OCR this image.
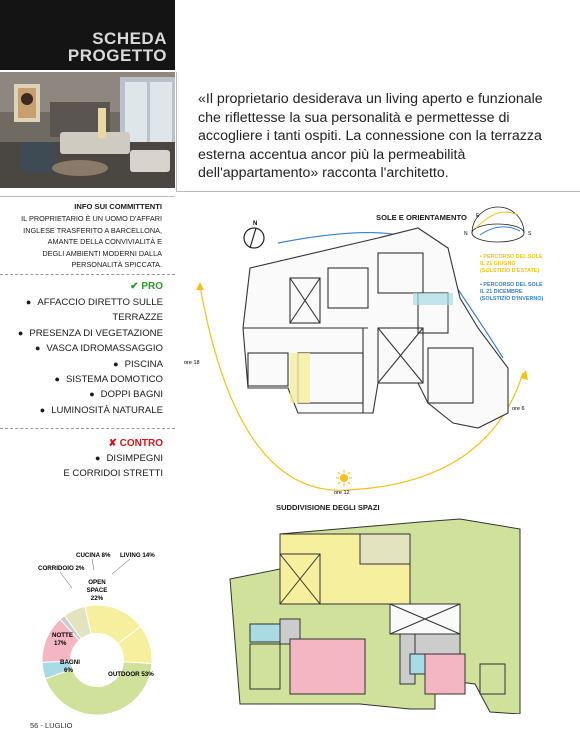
SCHEDA
PROGETTO
«Il proprietario desiderava un living aperto e funzionale che riflettesse la sua personalità e permettesse di accogliere i tanti ospiti. La connessione con la terrazza esterna accentua ancor più la permeabilità dell'appartamento» racconta l'architetto.
INFO SUI COMMITTENTI
IL PROPRIETARIO È UN UOMO D'AFFARI
INGLESE TRASFERITO A BARCELLONA,
AMANTE DELLA CONVIVIALITÀ E
DEGLI AMBIENTI MODERNI DALLA
PERSONALITÀ SPICCATA.
✔ PRO
● AFFACCIO DIRETTO SULLE
TERRAZZE
● PRESENZA DI VEGETAZIONE
● VASCA IDROMASSAGGIO
● PISCINA
● SISTEMA DOMOTICO
● DOPPI BAGNI
● LUMINOSITÀ NATURALE
✘ CONTRO
● DISIMPEGNI
E CORRIDOI STRETTI
CUCINA 8% LIVING 14%
CORRIDOIO 2%
OPEN
SPACE
22%
NOTTE
17%
BAGNI
6%
OUTDOOR 53%
SOLE E ORIENTAMENTO
N
ore 18
ore 12
ore 6
E
N	S
• PERCORSO DEL SOLE
IL 21 GIUGNO
(SOLSTIZIO D'ESTATE)
• PERCORSO DEL SOLE
IL 21 DICEMBRE
(SOLSTIZIO D'INVERNO)
SUDDIVISIONE DEGLI SPAZI
56 - LUGLIO
